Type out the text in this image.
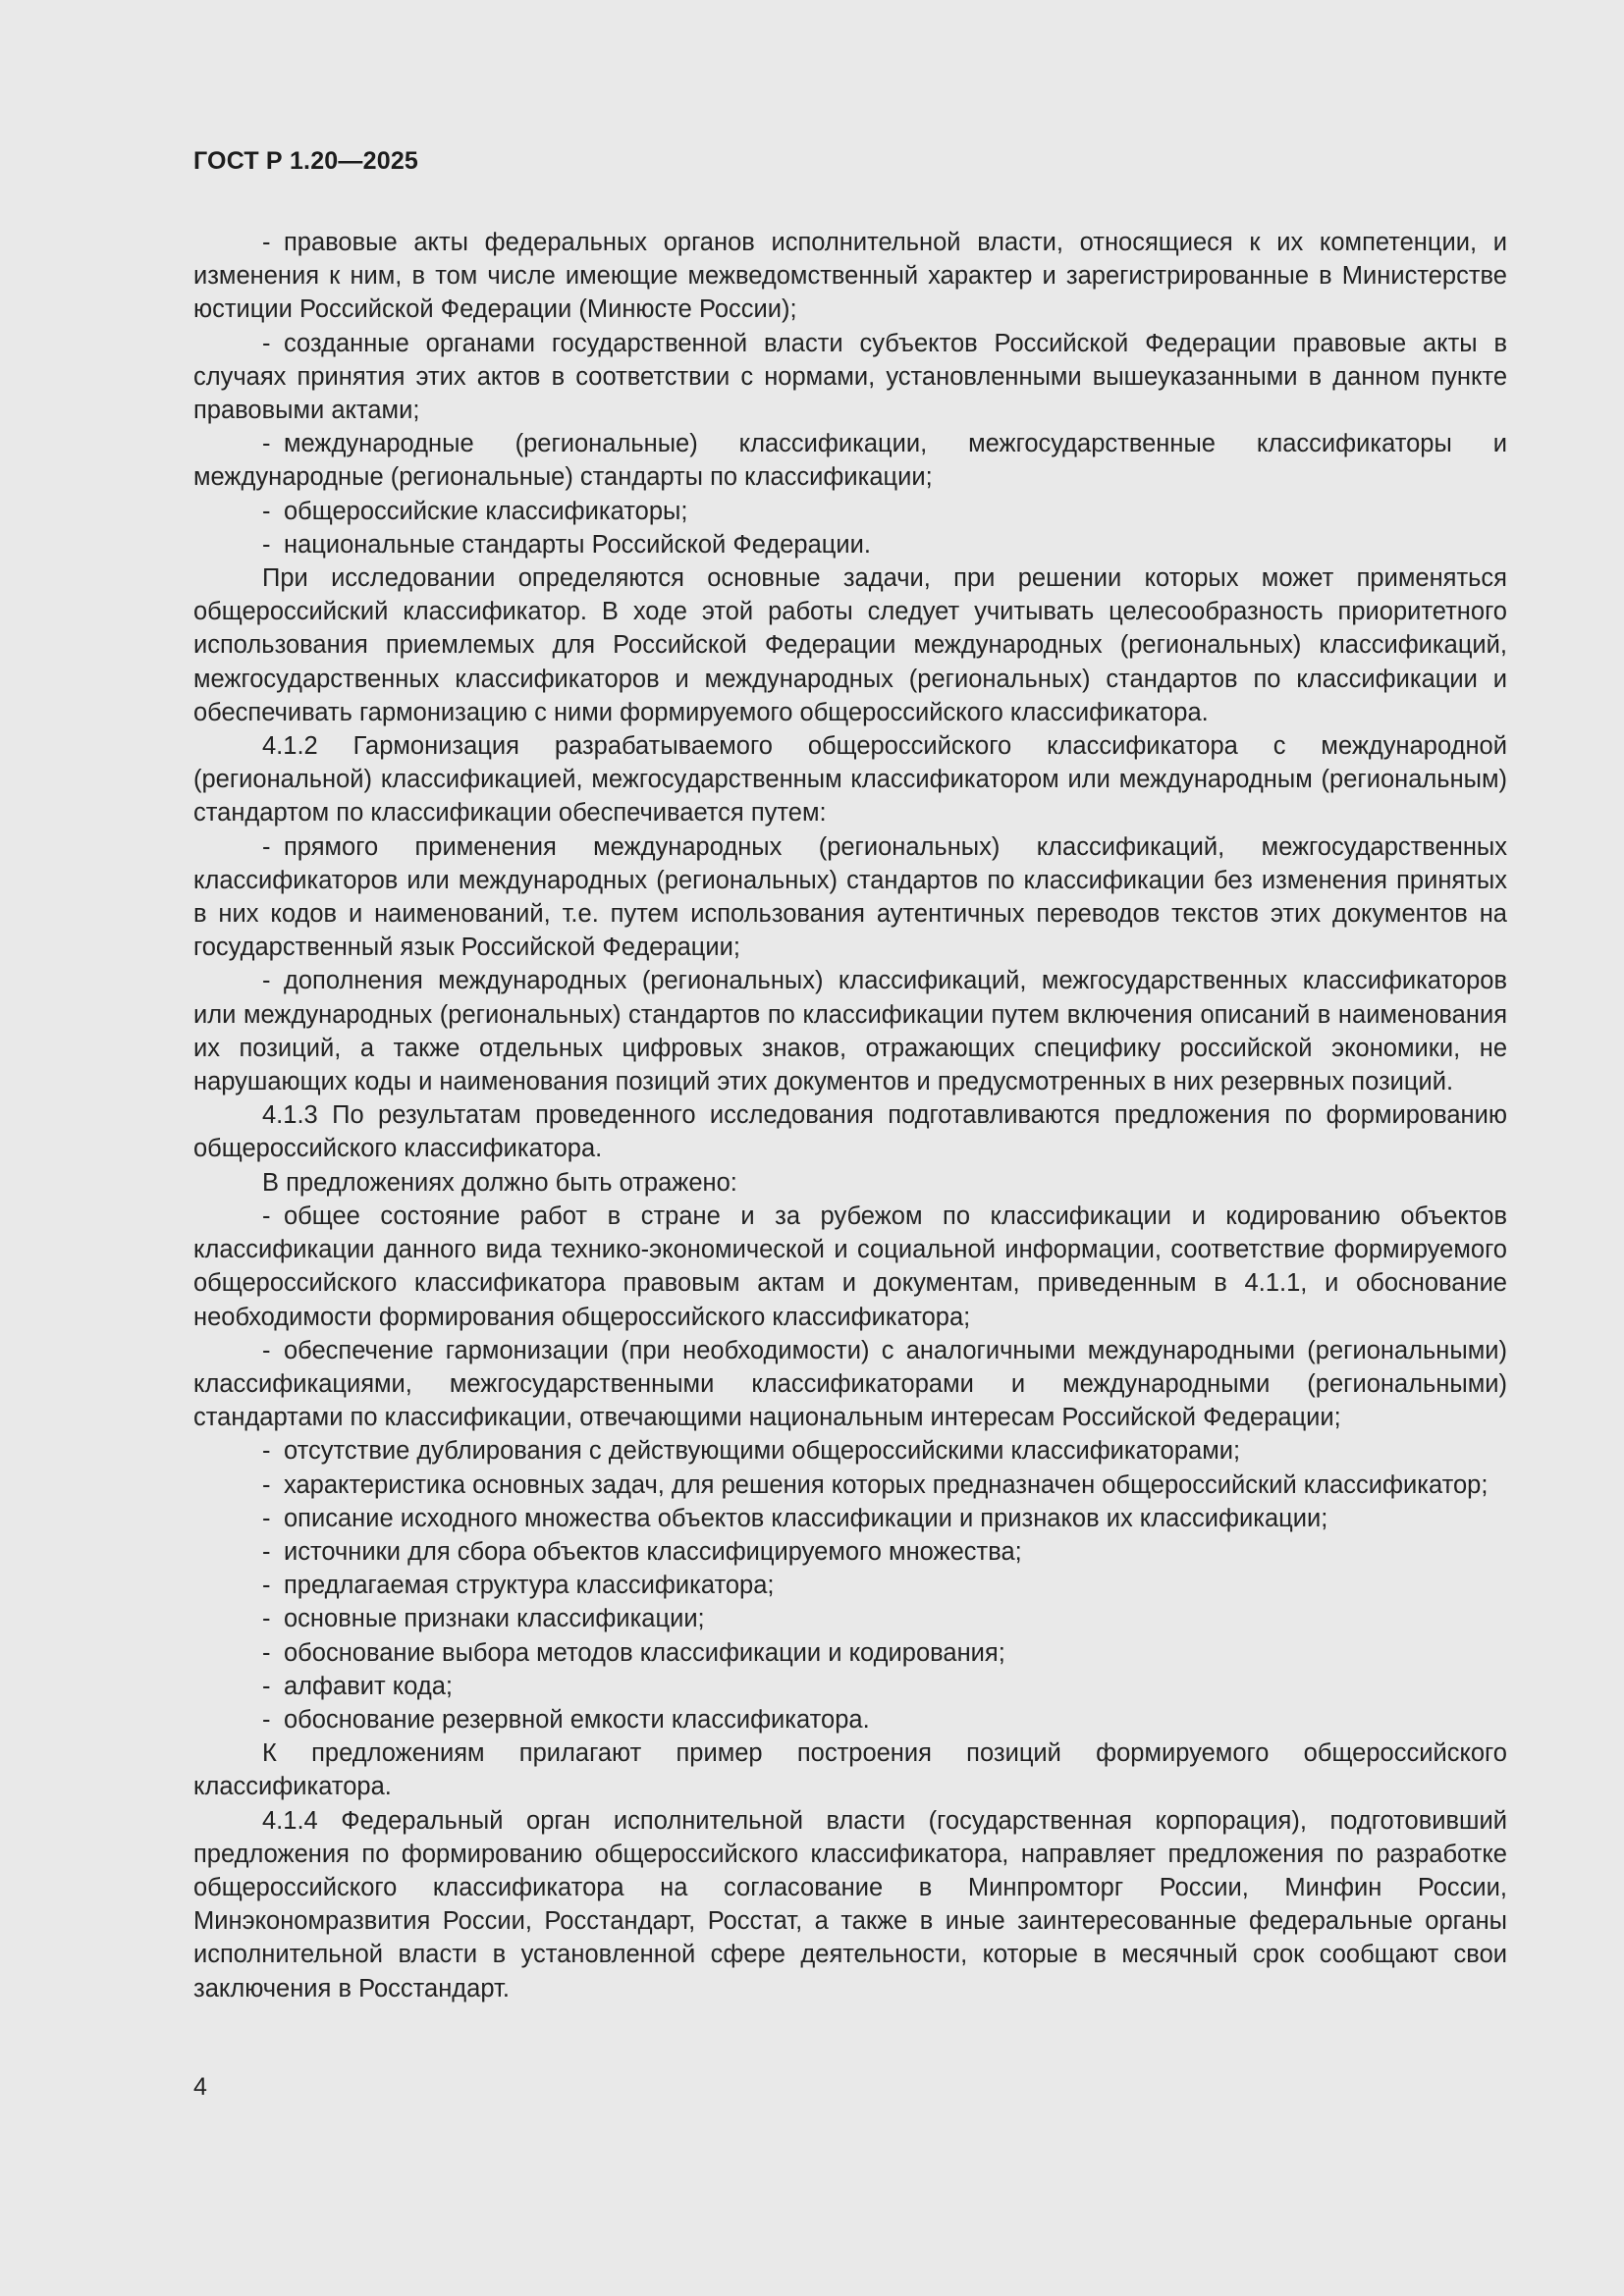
ГОСТ Р 1.20—2025

- правовые акты федеральных органов исполнительной власти, относящиеся к их компетенции, и изменения к ним, в том числе имеющие межведомственный характер и зарегистрированные в Министерстве юстиции Российской Федерации (Минюсте России);

- созданные органами государственной власти субъектов Российской Федерации правовые акты в случаях принятия этих актов в соответствии с нормами, установленными вышеуказанными в данном пункте правовыми актами;

- международные (региональные) классификации, межгосударственные классификаторы и международные (региональные) стандарты по классификации;

- общероссийские классификаторы;

- национальные стандарты Российской Федерации.

При исследовании определяются основные задачи, при решении которых может применяться общероссийский классификатор. В ходе этой работы следует учитывать целесообразность приоритетного использования приемлемых для Российской Федерации международных (региональных) классификаций, межгосударственных классификаторов и международных (региональных) стандартов по классификации и обеспечивать гармонизацию с ними формируемого общероссийского классификатора.

4.1.2 Гармонизация разрабатываемого общероссийского классификатора с международной (региональной) классификацией, межгосударственным классификатором или международным (региональным) стандартом по классификации обеспечивается путем:

- прямого применения международных (региональных) классификаций, межгосударственных классификаторов или международных (региональных) стандартов по классификации без изменения принятых в них кодов и наименований, т.е. путем использования аутентичных переводов текстов этих документов на государственный язык Российской Федерации;

- дополнения международных (региональных) классификаций, межгосударственных классификаторов или международных (региональных) стандартов по классификации путем включения описаний в наименования их позиций, а также отдельных цифровых знаков, отражающих специфику российской экономики, не нарушающих коды и наименования позиций этих документов и предусмотренных в них резервных позиций.

4.1.3 По результатам проведенного исследования подготавливаются предложения по формированию общероссийского классификатора.

В предложениях должно быть отражено:

- общее состояние работ в стране и за рубежом по классификации и кодированию объектов классификации данного вида технико-экономической и социальной информации, соответствие формируемого общероссийского классификатора правовым актам и документам, приведенным в 4.1.1, и обоснование необходимости формирования общероссийского классификатора;

- обеспечение гармонизации (при необходимости) с аналогичными международными (региональными) классификациями, межгосударственными классификаторами и международными (региональными) стандартами по классификации, отвечающими национальным интересам Российской Федерации;

- отсутствие дублирования с действующими общероссийскими классификаторами;

- характеристика основных задач, для решения которых предназначен общероссийский классификатор;

- описание исходного множества объектов классификации и признаков их классификации;

- источники для сбора объектов классифицируемого множества;

- предлагаемая структура классификатора;

- основные признаки классификации;

- обоснование выбора методов классификации и кодирования;

- алфавит кода;

- обоснование резервной емкости классификатора.

К предложениям прилагают пример построения позиций формируемого общероссийского классификатора.

4.1.4 Федеральный орган исполнительной власти (государственная корпорация), подготовивший предложения по формированию общероссийского классификатора, направляет предложения по разработке общероссийского классификатора на согласование в Минпромторг России, Минфин России, Минэкономразвития России, Росстандарт, Росстат, а также в иные заинтересованные федеральные органы исполнительной власти в установленной сфере деятельности, которые в месячный срок сообщают свои заключения в Росстандарт.

4
